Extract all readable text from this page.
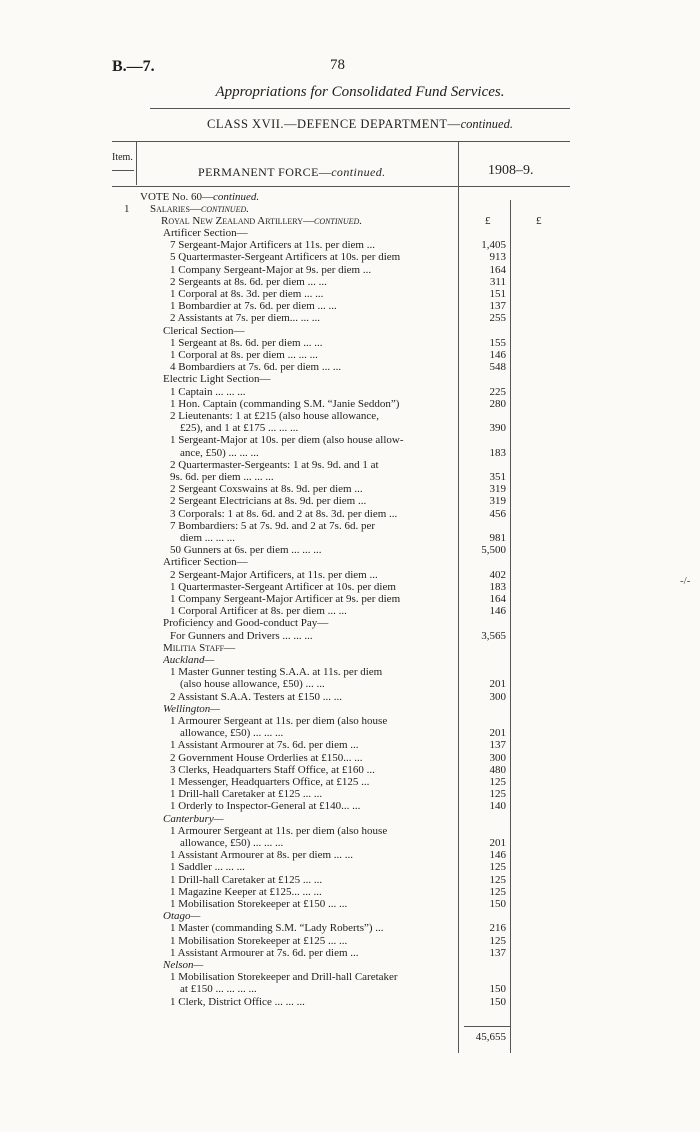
B.—7.	78
Appropriations for Consolidated Fund Services.
CLASS XVII.—DEFENCE DEPARTMENT—continued.
Item.
PERMANENT FORCE—continued.	1908–9.
VOTE No. 60—continued.
1 Salaries—continued.
Royal New Zealand Artillery—continued.	£	£
Artificer Section—
7 Sergeant-Major Artificers at 11s. per diem ...	1,405
5 Quartermaster-Sergeant Artificers at 10s. per diem	913
1 Company Sergeant-Major at 9s. per diem ...	164
2 Sergeants at 8s. 6d. per diem ... ...	311
1 Corporal at 8s. 3d. per diem ... ...	151
1 Bombardier at 7s. 6d. per diem ... ...	137
2 Assistants at 7s. per diem... ... ...	255
Clerical Section—
1 Sergeant at 8s. 6d. per diem ... ...	155
1 Corporal at 8s. per diem ... ... ...	146
4 Bombardiers at 7s. 6d. per diem ... ...	548
Electric Light Section—
1 Captain ... ... ...	225
1 Hon. Captain (commanding S.M. “Janie Seddon”)	280
2 Lieutenants: 1 at £215 (also house allowance,
£25), and 1 at £175 ... ... ...	390
1 Sergeant-Major at 10s. per diem (also house allow-
ance, £50) ... ... ...	183
2 Quartermaster-Sergeants: 1 at 9s. 9d. and 1 at
9s. 6d. per diem ... ... ...	351
2 Sergeant Coxswains at 8s. 9d. per diem ...	319
2 Sergeant Electricians at 8s. 9d. per diem ...	319
3 Corporals: 1 at 8s. 6d. and 2 at 8s. 3d. per diem ...	456
7 Bombardiers: 5 at 7s. 9d. and 2 at 7s. 6d. per
diem ... ... ...	981
50 Gunners at 6s. per diem ... ... ...	5,500
Artificer Section—
2 Sergeant-Major Artificers, at 11s. per diem ...	402
1 Quartermaster-Sergeant Artificer at 10s. per diem	183
1 Company Sergeant-Major Artificer at 9s. per diem	164
1 Corporal Artificer at 8s. per diem ... ...	146
Proficiency and Good-conduct Pay—
For Gunners and Drivers ... ... ...	3,565
Militia Staff—
Auckland—
1 Master Gunner testing S.A.A. at 11s. per diem
(also house allowance, £50) ... ...	201
2 Assistant S.A.A. Testers at £150 ... ...	300
Wellington—
1 Armourer Sergeant at 11s. per diem (also house
allowance, £50) ... ... ...	201
1 Assistant Armourer at 7s. 6d. per diem ...	137
2 Government House Orderlies at £150... ...	300
3 Clerks, Headquarters Staff Office, at £160 ...	480
1 Messenger, Headquarters Office, at £125 ...	125
1 Drill-hall Caretaker at £125 ... ...	125
1 Orderly to Inspector-General at £140... ...	140
Canterbury—
1 Armourer Sergeant at 11s. per diem (also house
allowance, £50) ... ... ...	201
1 Assistant Armourer at 8s. per diem ... ...	146
1 Saddler ... ... ...	125
1 Drill-hall Caretaker at £125 ... ...	125
1 Magazine Keeper at £125... ... ...	125
1 Mobilisation Storekeeper at £150 ... ...	150
Otago—
1 Master (commanding S.M. “Lady Roberts”) ...	216
1 Mobilisation Storekeeper at £125 ... ...	125
1 Assistant Armourer at 7s. 6d. per diem ...	137
Nelson—
1 Mobilisation Storekeeper and Drill-hall Caretaker
at £150 ... ... ... ...	150
1 Clerk, District Office ... ... ...	150
45,655
-/-
